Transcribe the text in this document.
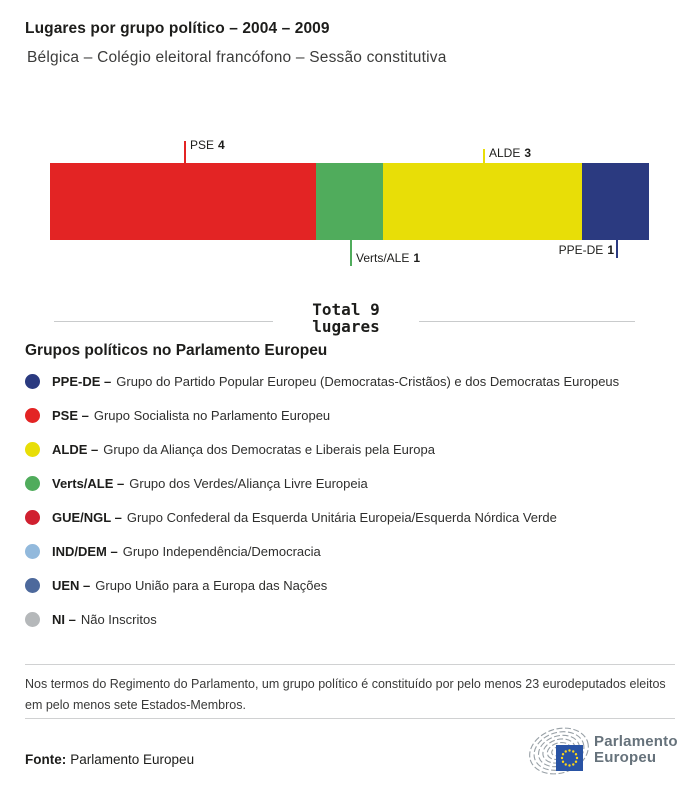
Lugares por grupo político – 2004 – 2009
Bélgica – Colégio eleitoral francófono – Sessão constitutiva
PSE 4
ALDE 3
Verts/ALE 1
PPE-DE 1
Total 9
lugares
Grupos políticos no Parlamento Europeu
PPE-DE – Grupo do Partido Popular Europeu (Democratas-Cristãos) e dos Democratas Europeus
PSE – Grupo Socialista no Parlamento Europeu
ALDE – Grupo da Aliança dos Democratas e Liberais pela Europa
Verts/ALE – Grupo dos Verdes/Aliança Livre Europeia
GUE/NGL – Grupo Confederal da Esquerda Unitária Europeia/Esquerda Nórdica Verde
IND/DEM – Grupo Independência/Democracia
UEN – Grupo União para a Europa das Nações
NI – Não Inscritos

Nos termos do Regimento do Parlamento, um grupo político é constituído por pelo menos 23 eurodeputados eleitos em pelo menos sete Estados-Membros.

Fonte: Parlamento Europeu
Parlamento
Europeu
